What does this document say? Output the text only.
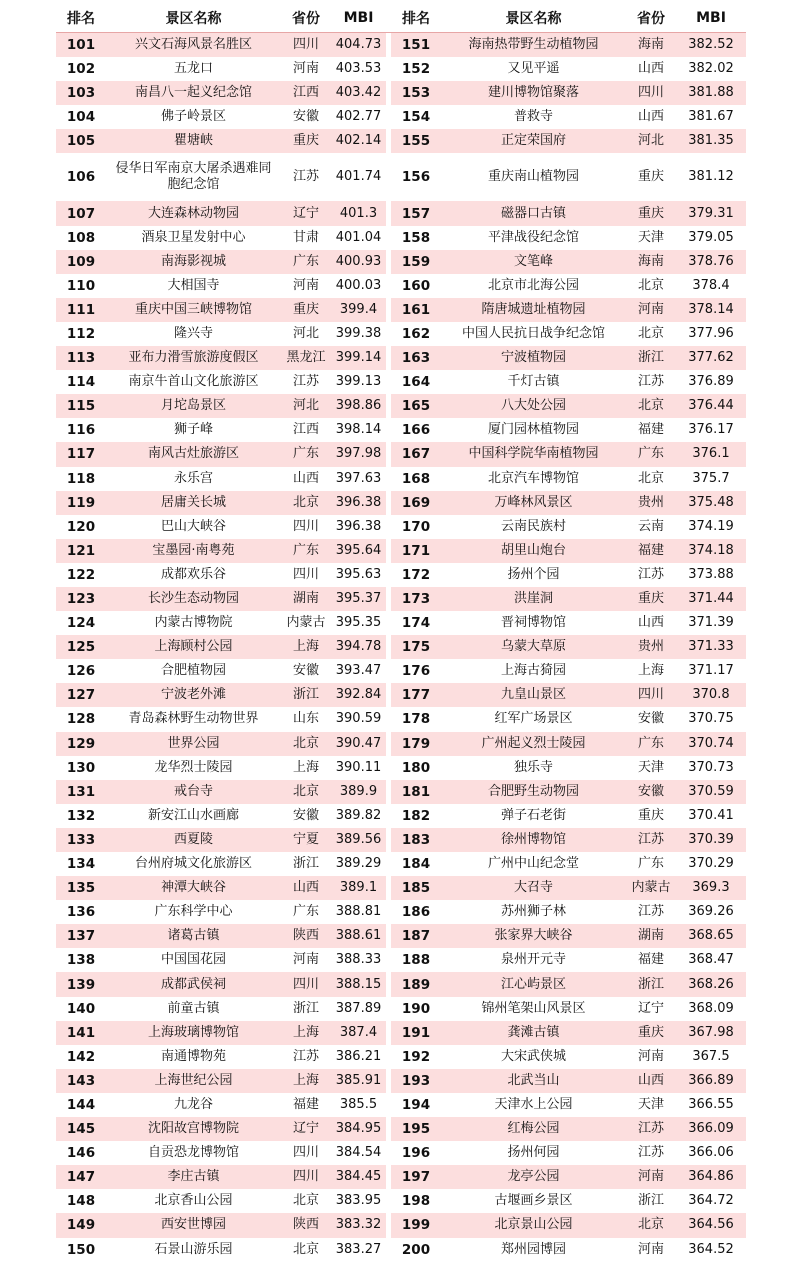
排名	景区名称	省份	MBI		排名	景区名称	省份	MBI
101	兴文石海风景名胜区	四川	404.73		151	海南热带野生动植物园	海南	382.52
102	五龙口	河南	403.53		152	又见平遥	山西	382.02
103	南昌八一起义纪念馆	江西	403.42		153	建川博物馆聚落	四川	381.88
104	佛子岭景区	安徽	402.77		154	普救寺	山西	381.67
105	瞿塘峡	重庆	402.14		155	正定荣国府	河北	381.35
106	侵华日军南京大屠杀遇难同胞纪念馆	江苏	401.74		156	重庆南山植物园	重庆	381.12
107	大连森林动物园	辽宁	401.3		157	磁器口古镇	重庆	379.31
108	酒泉卫星发射中心	甘肃	401.04		158	平津战役纪念馆	天津	379.05
109	南海影视城	广东	400.93		159	文笔峰	海南	378.76
110	大相国寺	河南	400.03		160	北京市北海公园	北京	378.4
111	重庆中国三峡博物馆	重庆	399.4		161	隋唐城遗址植物园	河南	378.14
112	隆兴寺	河北	399.38		162	中国人民抗日战争纪念馆	北京	377.96
113	亚布力滑雪旅游度假区	黑龙江	399.14		163	宁波植物园	浙江	377.62
114	南京牛首山文化旅游区	江苏	399.13		164	千灯古镇	江苏	376.89
115	月坨岛景区	河北	398.86		165	八大处公园	北京	376.44
116	狮子峰	江西	398.14		166	厦门园林植物园	福建	376.17
117	南风古灶旅游区	广东	397.98		167	中国科学院华南植物园	广东	376.1
118	永乐宫	山西	397.63		168	北京汽车博物馆	北京	375.7
119	居庸关长城	北京	396.38		169	万峰林风景区	贵州	375.48
120	巴山大峡谷	四川	396.38		170	云南民族村	云南	374.19
121	宝墨园·南粤苑	广东	395.64		171	胡里山炮台	福建	374.18
122	成都欢乐谷	四川	395.63		172	扬州个园	江苏	373.88
123	长沙生态动物园	湖南	395.37		173	洪崖洞	重庆	371.44
124	内蒙古博物院	内蒙古	395.35		174	晋祠博物馆	山西	371.39
125	上海顾村公园	上海	394.78		175	乌蒙大草原	贵州	371.33
126	合肥植物园	安徽	393.47		176	上海古猗园	上海	371.17
127	宁波老外滩	浙江	392.84		177	九皇山景区	四川	370.8
128	青岛森林野生动物世界	山东	390.59		178	红军广场景区	安徽	370.75
129	世界公园	北京	390.47		179	广州起义烈士陵园	广东	370.74
130	龙华烈士陵园	上海	390.11		180	独乐寺	天津	370.73
131	戒台寺	北京	389.9		181	合肥野生动物园	安徽	370.59
132	新安江山水画廊	安徽	389.82		182	弹子石老街	重庆	370.41
133	西夏陵	宁夏	389.56		183	徐州博物馆	江苏	370.39
134	台州府城文化旅游区	浙江	389.29		184	广州中山纪念堂	广东	370.29
135	神潭大峡谷	山西	389.1		185	大召寺	内蒙古	369.3
136	广东科学中心	广东	388.81		186	苏州狮子林	江苏	369.26
137	诸葛古镇	陕西	388.61		187	张家界大峡谷	湖南	368.65
138	中国国花园	河南	388.33		188	泉州开元寺	福建	368.47
139	成都武侯祠	四川	388.15		189	江心屿景区	浙江	368.26
140	前童古镇	浙江	387.89		190	锦州笔架山风景区	辽宁	368.09
141	上海玻璃博物馆	上海	387.4		191	龚滩古镇	重庆	367.98
142	南通博物苑	江苏	386.21		192	大宋武侠城	河南	367.5
143	上海世纪公园	上海	385.91		193	北武当山	山西	366.89
144	九龙谷	福建	385.5		194	天津水上公园	天津	366.55
145	沈阳故宫博物院	辽宁	384.95		195	红梅公园	江苏	366.09
146	自贡恐龙博物馆	四川	384.54		196	扬州何园	江苏	366.06
147	李庄古镇	四川	384.45		197	龙亭公园	河南	364.86
148	北京香山公园	北京	383.95		198	古堰画乡景区	浙江	364.72
149	西安世博园	陕西	383.32		199	北京景山公园	北京	364.56
150	石景山游乐园	北京	383.27		200	郑州园博园	河南	364.52
